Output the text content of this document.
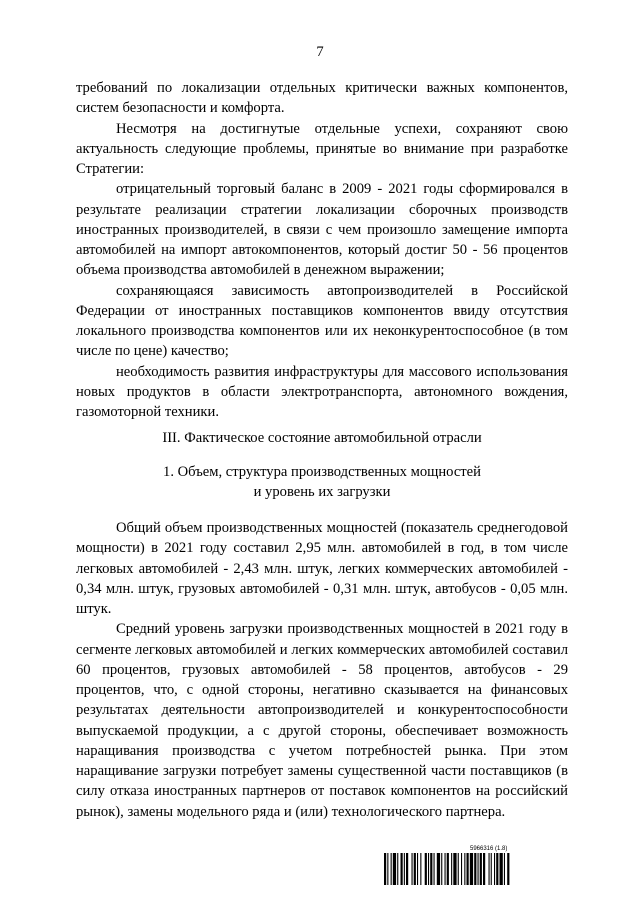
7

требований по локализации отдельных критически важных компонентов, систем безопасности и комфорта.

Несмотря на достигнутые отдельные успехи, сохраняют свою актуальность следующие проблемы, принятые во внимание при разработке Стратегии:

отрицательный торговый баланс в 2009 - 2021 годы сформировался в результате реализации стратегии локализации сборочных производств иностранных производителей, в связи с чем произошло замещение импорта автомобилей на импорт автокомпонентов, который достиг 50 - 56 процентов объема производства автомобилей в денежном выражении;

сохраняющаяся зависимость автопроизводителей в Российской Федерации от иностранных поставщиков компонентов ввиду отсутствия локального производства компонентов или их неконкурентоспособное (в том числе по цене) качество;

необходимость развития инфраструктуры для массового использования новых продуктов в области электротранспорта, автономного вождения, газомоторной техники.

III. Фактическое состояние автомобильной отрасли

1. Объем, структура производственных мощностей
и уровень их загрузки

Общий объем производственных мощностей (показатель среднегодовой мощности) в 2021 году составил 2,95 млн. автомобилей в год, в том числе легковых автомобилей - 2,43 млн. штук, легких коммерческих автомобилей - 0,34 млн. штук, грузовых автомобилей - 0,31 млн. штук, автобусов - 0,05 млн. штук.

Средний уровень загрузки производственных мощностей в 2021 году в сегменте легковых автомобилей и легких коммерческих автомобилей составил 60 процентов, грузовых автомобилей - 58 процентов, автобусов - 29 процентов, что, с одной стороны, негативно сказывается на финансовых результатах деятельности автопроизводителей и конкурентоспособности выпускаемой продукции, а с другой стороны, обеспечивает возможность наращивания производства с учетом потребностей рынка. При этом наращивание загрузки потребует замены существенной части поставщиков (в силу отказа иностранных партнеров от поставок компонентов на российский рынок), замены модельного ряда и (или) технологического партнера.

5966316 (1.8)
